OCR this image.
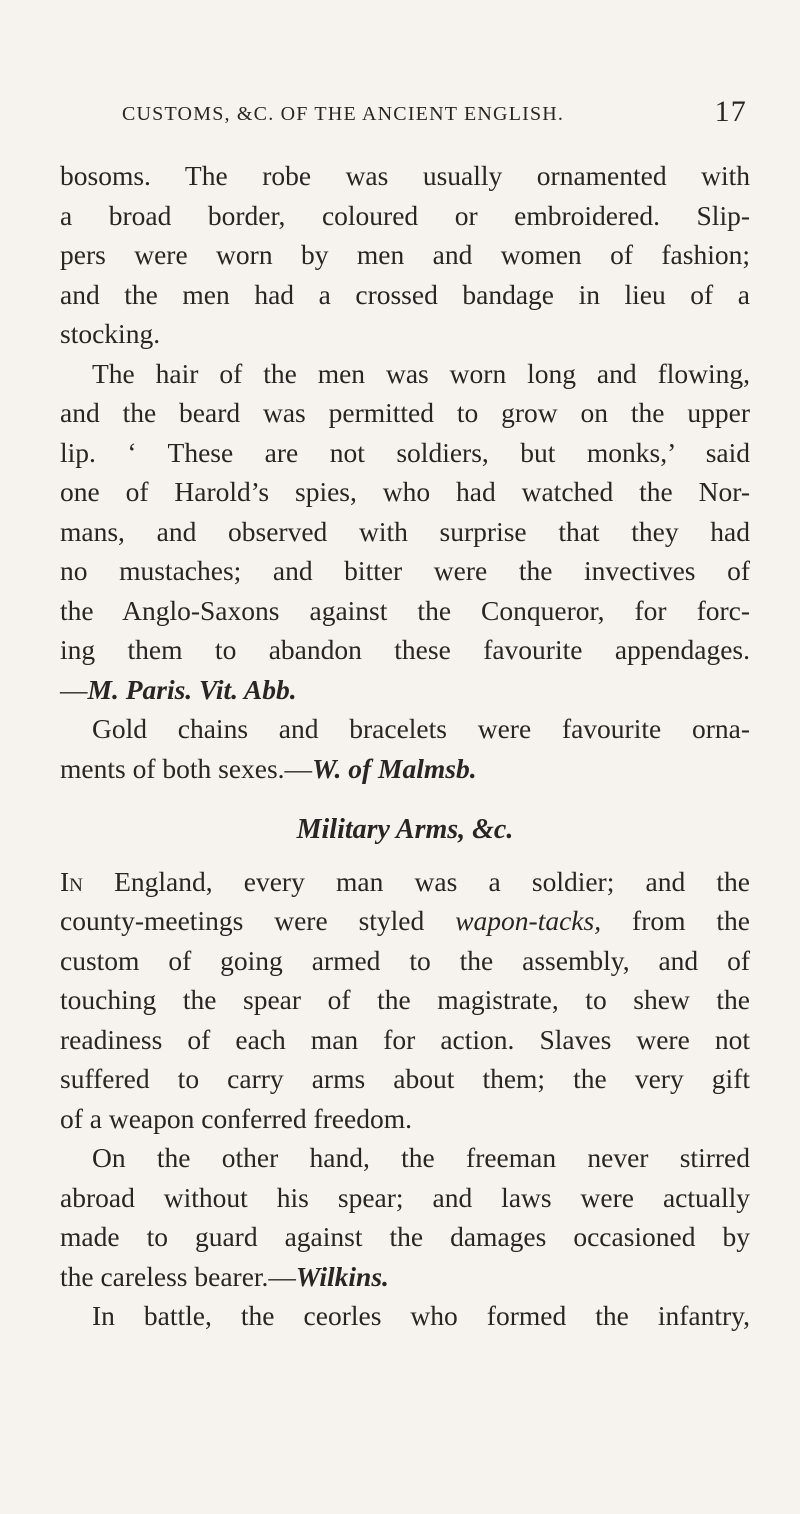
CUSTOMS, &C. OF THE ANCIENT ENGLISH.	17
bosoms. The robe was usually ornamented with
a broad border, coloured or embroidered. Slip-
pers were worn by men and women of fashion;
and the men had a crossed bandage in lieu of a
stocking.
The hair of the men was worn long and flowing,
and the beard was permitted to grow on the upper
lip. ‘ These are not soldiers, but monks,’ said
one of Harold’s spies, who had watched the Nor-
mans, and observed with surprise that they had
no mustaches; and bitter were the invectives of
the Anglo-Saxons against the Conqueror, for forc-
ing them to abandon these favourite appendages.
—M. Paris. Vit. Abb.
Gold chains and bracelets were favourite orna-
ments of both sexes.—W. of Malmsb.
Military Arms, &c.
In England, every man was a soldier; and the
county-meetings were styled wapon-tacks, from the
custom of going armed to the assembly, and of
touching the spear of the magistrate, to shew the
readiness of each man for action. Slaves were not
suffered to carry arms about them; the very gift
of a weapon conferred freedom.
On the other hand, the freeman never stirred
abroad without his spear; and laws were actually
made to guard against the damages occasioned by
the careless bearer.—Wilkins.
In battle, the ceorles who formed the infantry,
